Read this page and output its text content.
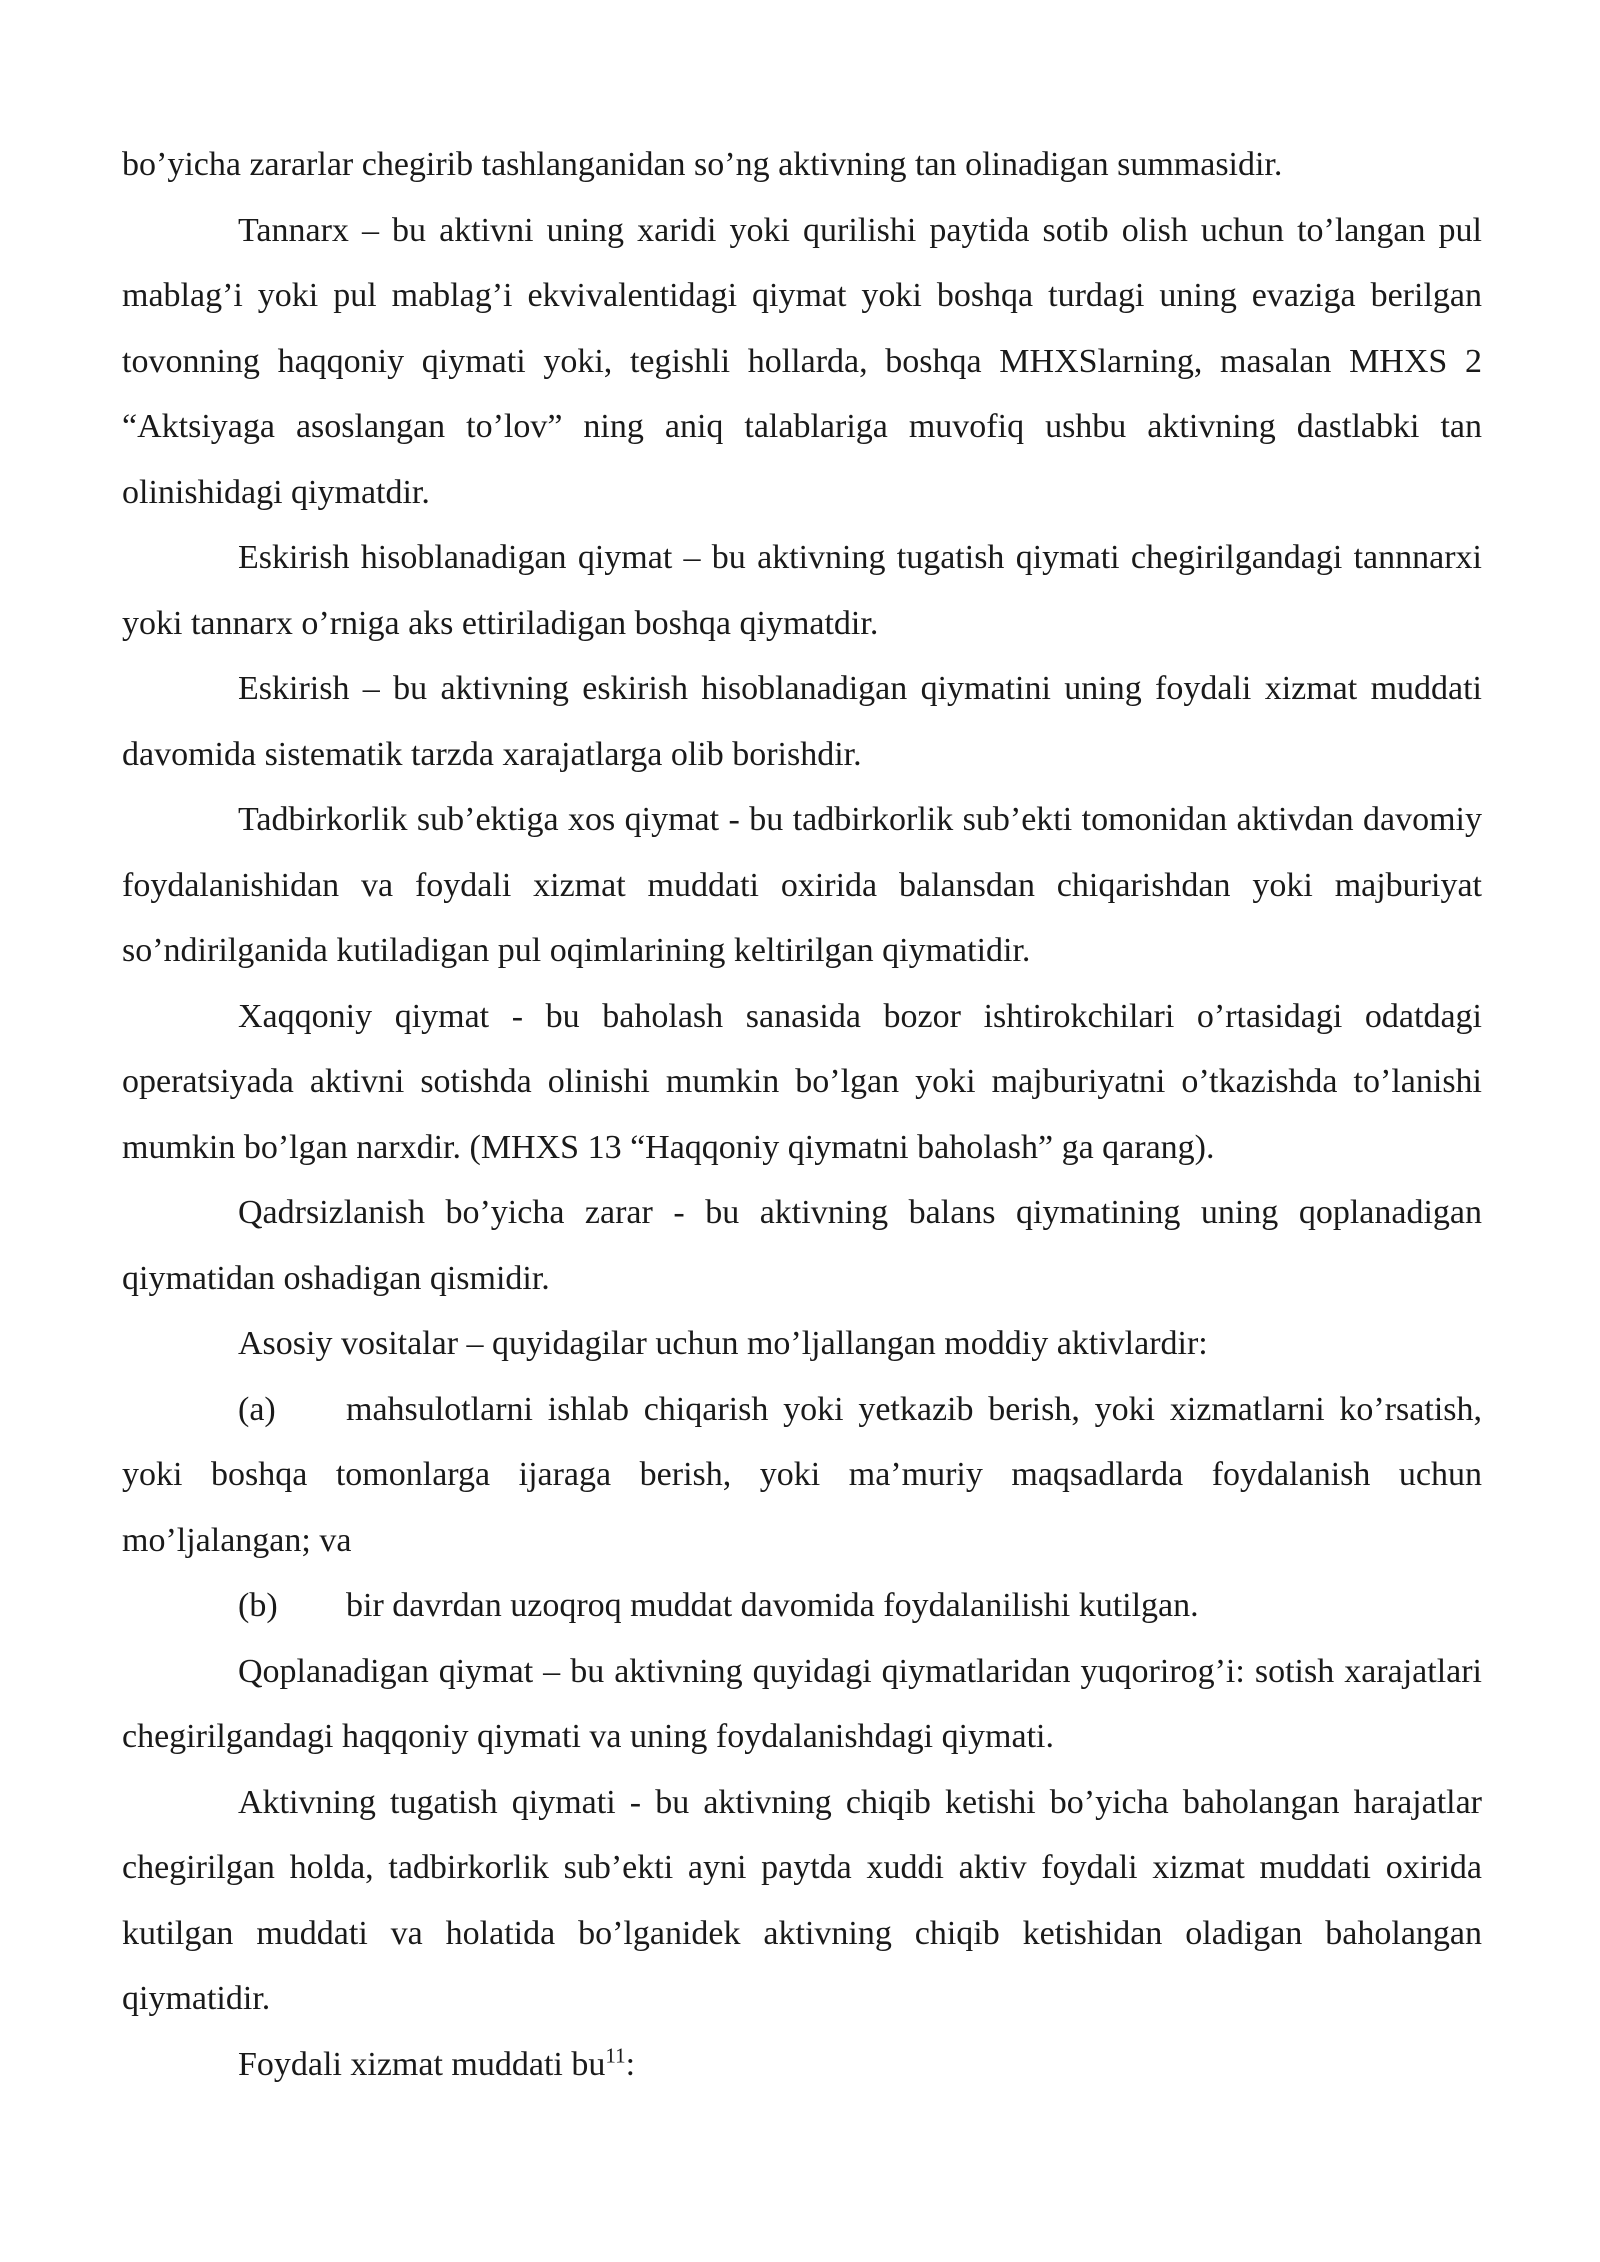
bo’yicha zararlar chegirib tashlanganidan so’ng aktivning tan olinadigan summasidir.

Tannarx – bu aktivni uning xaridi yoki qurilishi paytida sotib olish uchun to’langan pul mablag’i yoki pul mablag’i ekvivalentidagi qiymat yoki boshqa turdagi uning evaziga berilgan tovonning haqqoniy qiymati yoki, tegishli hollarda, boshqa MHXSlarning, masalan MHXS 2 “Aktsiyaga asoslangan to’lov” ning aniq talablariga muvofiq ushbu aktivning dastlabki tan olinishidagi qiymatdir.

Eskirish hisoblanadigan qiymat – bu aktivning tugatish qiymati chegirilgandagi tannnarxi yoki tannarx o’rniga aks ettiriladigan boshqa qiymatdir.

Eskirish – bu aktivning eskirish hisoblanadigan qiymatini uning foydali xizmat muddati davomida sistematik tarzda xarajatlarga olib borishdir.

Tadbirkorlik sub’ektiga xos qiymat - bu tadbirkorlik sub’ekti tomonidan aktivdan davomiy foydalanishidan va foydali xizmat muddati oxirida balansdan chiqarishdan yoki majburiyat so’ndirilganida kutiladigan pul oqimlarining keltirilgan qiymatidir.

Xaqqoniy qiymat - bu baholash sanasida bozor ishtirokchilari o’rtasidagi odatdagi operatsiyada aktivni sotishda olinishi mumkin bo’lgan yoki majburiyatni o’tkazishda to’lanishi mumkin bo’lgan narxdir. (MHXS 13 “Haqqoniy qiymatni baholash” ga qarang).

Qadrsizlanish bo’yicha zarar - bu aktivning balans qiymatining uning qoplanadigan qiymatidan oshadigan qismidir.

Asosiy vositalar – quyidagilar uchun mo’ljallangan moddiy aktivlardir:

(a) mahsulotlarni ishlab chiqarish yoki yetkazib berish, yoki xizmatlarni ko’rsatish, yoki boshqa tomonlarga ijaraga berish, yoki ma’muriy maqsadlarda foydalanish uchun mo’ljalangan; va

(b) bir davrdan uzoqroq muddat davomida foydalanilishi kutilgan.

Qoplanadigan qiymat – bu aktivning quyidagi qiymatlaridan yuqorirog’i: sotish xarajatlari chegirilgandagi haqqoniy qiymati va uning foydalanishdagi qiymati.

Aktivning tugatish qiymati - bu aktivning chiqib ketishi bo’yicha baholangan harajatlar chegirilgan holda, tadbirkorlik sub’ekti ayni paytda xuddi aktiv foydali xizmat muddati oxirida kutilgan muddati va holatida bo’lganidek aktivning chiqib ketishidan oladigan baholangan qiymatidir.

Foydali xizmat muddati $bu^{11}$:
